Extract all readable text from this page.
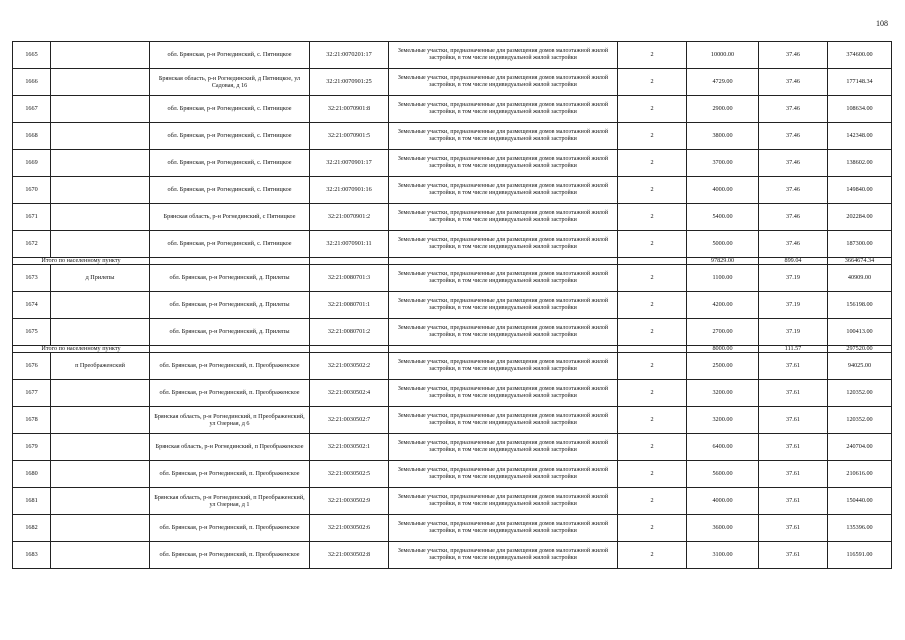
108
1665		обл. Брянская, р-н Рогнединский, с. Пятницкое	32:21:0070201:17	Земельные участки, предназначенные для размещения домов малоэтажной жилой застройки, в том числе индивидуальной жилой застройки	2	10000.00	37.46	374600.00
1666		Брянская область, р-н Рогнединский, д Пятницкое, ул Садовая, д 16	32:21:0070901:25	Земельные участки, предназначенные для размещения домов малоэтажной жилой застройки, в том числе индивидуальной жилой застройки	2	4729.00	37.46	177148.34
1667		обл. Брянская, р-н Рогнединский, с. Пятницкое	32:21:0070901:8	Земельные участки, предназначенные для размещения домов малоэтажной жилой застройки, в том числе индивидуальной жилой застройки	2	2900.00	37.46	108634.00
1668		обл. Брянская, р-н Рогнединский, с. Пятницкое	32:21:0070901:5	Земельные участки, предназначенные для размещения домов малоэтажной жилой застройки, в том числе индивидуальной жилой застройки	2	3800.00	37.46	142348.00
1669		обл. Брянская, р-н Рогнединский, с. Пятницкое	32:21:0070901:17	Земельные участки, предназначенные для размещения домов малоэтажной жилой застройки, в том числе индивидуальной жилой застройки	2	3700.00	37.46	138602.00
1670		обл. Брянская, р-н Рогнединский, с. Пятницкое	32:21:0070901:16	Земельные участки, предназначенные для размещения домов малоэтажной жилой застройки, в том числе индивидуальной жилой застройки	2	4000.00	37.46	149840.00
1671		Брянская область, р-н Рогнединский, с Пятницкое	32:21:0070901:2	Земельные участки, предназначенные для размещения домов малоэтажной жилой застройки, в том числе индивидуальной жилой застройки	2	5400.00	37.46	202284.00
1672		обл. Брянская, р-н Рогнединский, с. Пятницкое	32:21:0070901:11	Земельные участки, предназначенные для размещения домов малоэтажной жилой застройки, в том числе индивидуальной жилой застройки	2	5000.00	37.46	187300.00
Итого по населенному пункту						97829.00	899.04	3664674.34
1673	д Прилепы	обл. Брянская, р-н Рогнединский, д. Прилепы	32:21:0080701:3	Земельные участки, предназначенные для размещения домов малоэтажной жилой застройки, в том числе индивидуальной жилой застройки	2	1100.00	37.19	40909.00
1674		обл. Брянская, р-н Рогнединский, д. Прилепы	32:21:0080701:1	Земельные участки, предназначенные для размещения домов малоэтажной жилой застройки, в том числе индивидуальной жилой застройки	2	4200.00	37.19	156198.00
1675		обл. Брянская, р-н Рогнединский, д. Прилепы	32:21:0080701:2	Земельные участки, предназначенные для размещения домов малоэтажной жилой застройки, в том числе индивидуальной жилой застройки	2	2700.00	37.19	100413.00
Итого по населенному пункту						8000.00	111.57	297520.00
1676	п Преображенский	обл. Брянская, р-н Рогнединский, п. Преображенское	32:21:0030502:2	Земельные участки, предназначенные для размещения домов малоэтажной жилой застройки, в том числе индивидуальной жилой застройки	2	2500.00	37.61	94025.00
1677		обл. Брянская, р-н Рогнединский, п. Преображенское	32:21:0030502:4	Земельные участки, предназначенные для размещения домов малоэтажной жилой застройки, в том числе индивидуальной жилой застройки	2	3200.00	37.61	120352.00
1678		Брянская область, р-н Рогнединский, п Преображенский, ул Озерная, д 6	32:21:0030502:7	Земельные участки, предназначенные для размещения домов малоэтажной жилой застройки, в том числе индивидуальной жилой застройки	2	3200.00	37.61	120352.00
1679		Брянская область, р-н Рогнединский, п Преображенское	32:21:0030502:1	Земельные участки, предназначенные для размещения домов малоэтажной жилой застройки, в том числе индивидуальной жилой застройки	2	6400.00	37.61	240704.00
1680		обл. Брянская, р-н Рогнединский, п. Преображенское	32:21:0030502:5	Земельные участки, предназначенные для размещения домов малоэтажной жилой застройки, в том числе индивидуальной жилой застройки	2	5600.00	37.61	210616.00
1681		Брянская область, р-н Рогнединский, п Преображенский, ул Озерная, д 1	32:21:0030502:9	Земельные участки, предназначенные для размещения домов малоэтажной жилой застройки, в том числе индивидуальной жилой застройки	2	4000.00	37.61	150440.00
1682		обл. Брянская, р-н Рогнединский, п. Преображенское	32:21:0030502:6	Земельные участки, предназначенные для размещения домов малоэтажной жилой застройки, в том числе индивидуальной жилой застройки	2	3600.00	37.61	135396.00
1683		обл. Брянская, р-н Рогнединский, п. Преображенское	32:21:0030502:8	Земельные участки, предназначенные для размещения домов малоэтажной жилой застройки, в том числе индивидуальной жилой застройки	2	3100.00	37.61	116591.00
